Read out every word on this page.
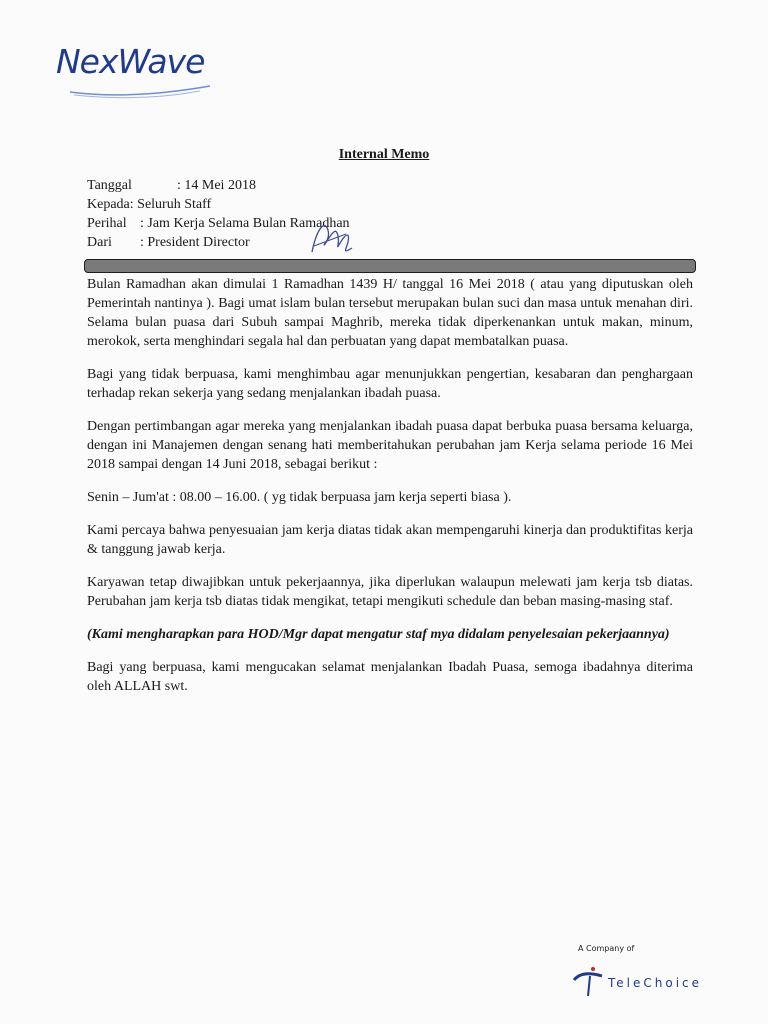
NexWave
Internal Memo
Tanggal	: 14 Mei 2018
Kepada: Seluruh Staff
Perihal : Jam Kerja Selama Bulan Ramadhan
Dari : President Director

Bulan Ramadhan akan dimulai 1 Ramadhan 1439 H/ tanggal 16 Mei 2018 ( atau yang diputuskan oleh Pemerintah nantinya ). Bagi umat islam bulan tersebut merupakan bulan suci dan masa untuk menahan diri. Selama bulan puasa dari Subuh sampai Maghrib, mereka tidak diperkenankan untuk makan, minum, merokok, serta menghindari segala hal dan perbuatan yang dapat membatalkan puasa.

Bagi yang tidak berpuasa, kami menghimbau agar menunjukkan pengertian, kesabaran dan penghargaan terhadap rekan sekerja yang sedang menjalankan ibadah puasa.

Dengan pertimbangan agar mereka yang menjalankan ibadah puasa dapat berbuka puasa bersama keluarga, dengan ini Manajemen dengan senang hati memberitahukan perubahan jam Kerja selama periode 16 Mei 2018 sampai dengan 14 Juni 2018, sebagai berikut :

Senin – Jum'at : 08.00 – 16.00. ( yg tidak berpuasa jam kerja seperti biasa ).

Kami percaya bahwa penyesuaian jam kerja diatas tidak akan mempengaruhi kinerja dan produktifitas kerja & tanggung jawab kerja.

Karyawan tetap diwajibkan untuk pekerjaannya, jika diperlukan walaupun melewati jam kerja tsb diatas. Perubahan jam kerja tsb diatas tidak mengikat, tetapi mengikuti schedule dan beban masing-masing staf.

(Kami mengharapkan para HOD/Mgr dapat mengatur staf mya didalam penyelesaian pekerjaannya)

Bagi yang berpuasa, kami mengucakan selamat menjalankan Ibadah Puasa, semoga ibadahnya diterima oleh ALLAH swt.

A Company of
TeleChoice
